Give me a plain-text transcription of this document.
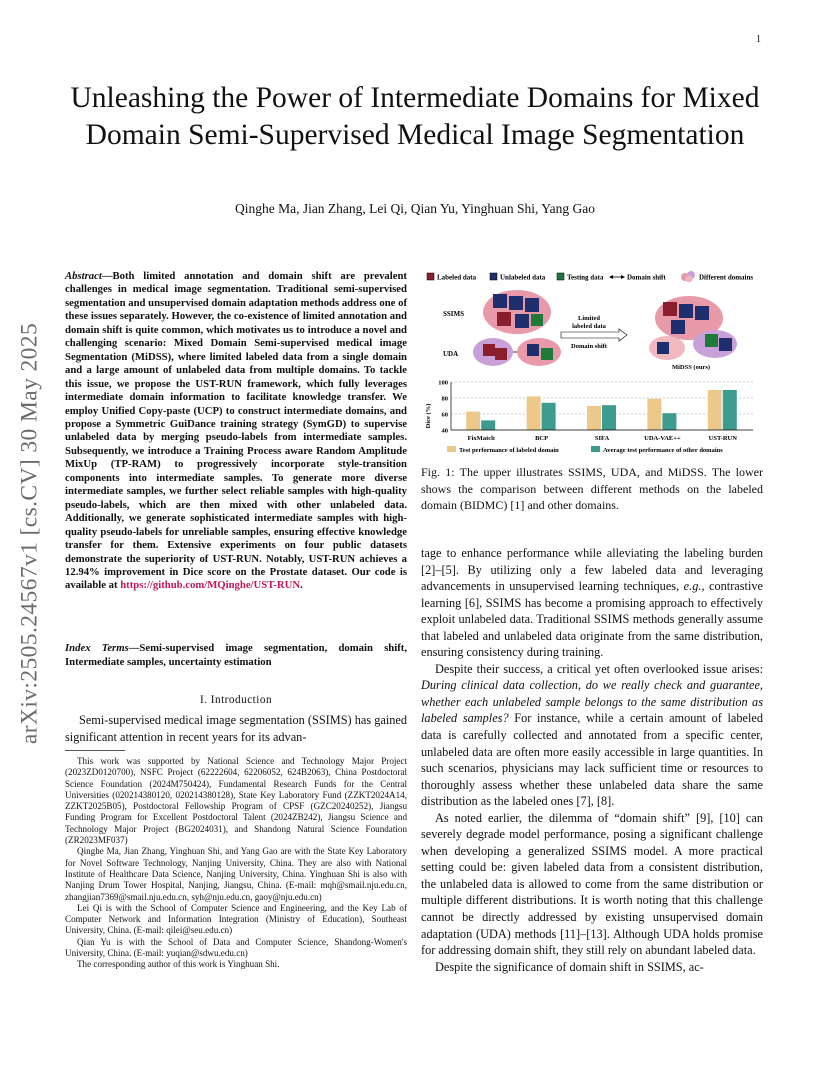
1
arXiv:2505.24567v1 [cs.CV] 30 May 2025
Unleashing the Power of Intermediate Domains for Mixed Domain Semi-Supervised Medical Image Segmentation
Qinghe Ma, Jian Zhang, Lei Qi, Qian Yu, Yinghuan Shi, Yang Gao
Abstract—Both limited annotation and domain shift are prevalent challenges in medical image segmentation. Traditional semi-supervised segmentation and unsupervised domain adaptation methods address one of these issues separately. However, the co-existence of limited annotation and domain shift is quite common, which motivates us to introduce a novel and challenging scenario: Mixed Domain Semi-supervised medical image Segmentation (MiDSS), where limited labeled data from a single domain and a large amount of unlabeled data from multiple domains. To tackle this issue, we propose the UST-RUN framework, which fully leverages intermediate domain information to facilitate knowledge transfer. We employ Unified Copy-paste (UCP) to construct intermediate domains, and propose a Symmetric GuiDance training strategy (SymGD) to supervise unlabeled data by merging pseudo-labels from intermediate samples. Subsequently, we introduce a Training Process aware Random Amplitude MixUp (TP-RAM) to progressively incorporate style-transition components into intermediate samples. To generate more diverse intermediate samples, we further select reliable samples with high-quality pseudo-labels, which are then mixed with other unlabeled data. Additionally, we generate sophisticated intermediate samples with high-quality pseudo-labels for unreliable samples, ensuring effective knowledge transfer for them. Extensive experiments on four public datasets demonstrate the superiority of UST-RUN. Notably, UST-RUN achieves a 12.94% improvement in Dice score on the Prostate dataset. Our code is available at https://github.com/MQinghe/UST-RUN.
Index Terms—Semi-supervised image segmentation, domain shift, Intermediate samples, uncertainty estimation
I. Introduction
Semi-supervised medical image segmentation (SSIMS) has gained significant attention in recent years for its advan-

This work was supported by National Science and Technology Major Project (2023ZD0120700), NSFC Project (62222604, 62206052, 624B2063), China Postdoctoral Science Foundation (2024M750424), Fundamental Research Funds for the Central Universities (020214380120, 020214380128), State Key Laboratory Fund (ZZKT2024A14, ZZKT2025B05), Postdoctoral Fellowship Program of CPSF (GZC20240252), Jiangsu Funding Program for Excellent Postdoctoral Talent (2024ZB242), Jiangsu Science and Technology Major Project (BG2024031), and Shandong Natural Science Foundation (ZR2023MF037)

Qinghe Ma, Jian Zhang, Yinghuan Shi, and Yang Gao are with the State Key Laboratory for Novel Software Technology, Nanjing University, China. They are also with National Institute of Healthcare Data Science, Nanjing University, China. Yinghuan Shi is also with Nanjing Drum Tower Hospital, Nanjing, Jiangsu, China. (E-mail: mqh@smail.nju.edu.cn, zhangjian7369@smail.nju.edu.cn, syh@nju.edu.cn, gaoy@nju.edu.cn)

Lei Qi is with the School of Computer Science and Engineering, and the Key Lab of Computer Network and Information Integration (Ministry of Education), Southeast University, China. (E-mail: qilei@seu.edu.cn)

Qian Yu is with the School of Data and Computer Science, Shandong-Women's University, China. (E-mail: yuqian@sdwu.edu.cn)

The corresponding author of this work is Yinghuan Shi.

Labeled data	Unlabeled data	Testing data	Domain shift	Different domains
SSIMS
UDA
Limited
labeled data
Domain shift
MiDSS (ours)
Dice (%)
40
60
80
100
FixMatch	BCP	SIFA	UDA-VAE++	UST-RUN
Test performance of labeled domain	Average test performance of other domains
Fig. 1: The upper illustrates SSIMS, UDA, and MiDSS. The lower shows the comparison between different methods on the labeled domain (BIDMC) [1] and other domains.

tage to enhance performance while alleviating the labeling burden [2]–[5]. By utilizing only a few labeled data and leveraging advancements in unsupervised learning techniques, e.g., contrastive learning [6], SSIMS has become a promising approach to effectively exploit unlabeled data. Traditional SSIMS methods generally assume that labeled and unlabeled data originate from the same distribution, ensuring consistency during training.

Despite their success, a critical yet often overlooked issue arises: During clinical data collection, do we really check and guarantee, whether each unlabeled sample belongs to the same distribution as labeled samples? For instance, while a certain amount of labeled data is carefully collected and annotated from a specific center, unlabeled data are often more easily accessible in large quantities. In such scenarios, physicians may lack sufficient time or resources to thoroughly assess whether these unlabeled data share the same distribution as the labeled ones [7], [8].

As noted earlier, the dilemma of “domain shift” [9], [10] can severely degrade model performance, posing a significant challenge when developing a generalized SSIMS model. A more practical setting could be: given labeled data from a consistent distribution, the unlabeled data is allowed to come from the same distribution or multiple different distributions. It is worth noting that this challenge cannot be directly addressed by existing unsupervised domain adaptation (UDA) methods [11]–[13]. Although UDA holds promise for addressing domain shift, they still rely on abundant labeled data.

Despite the significance of domain shift in SSIMS, ac-
